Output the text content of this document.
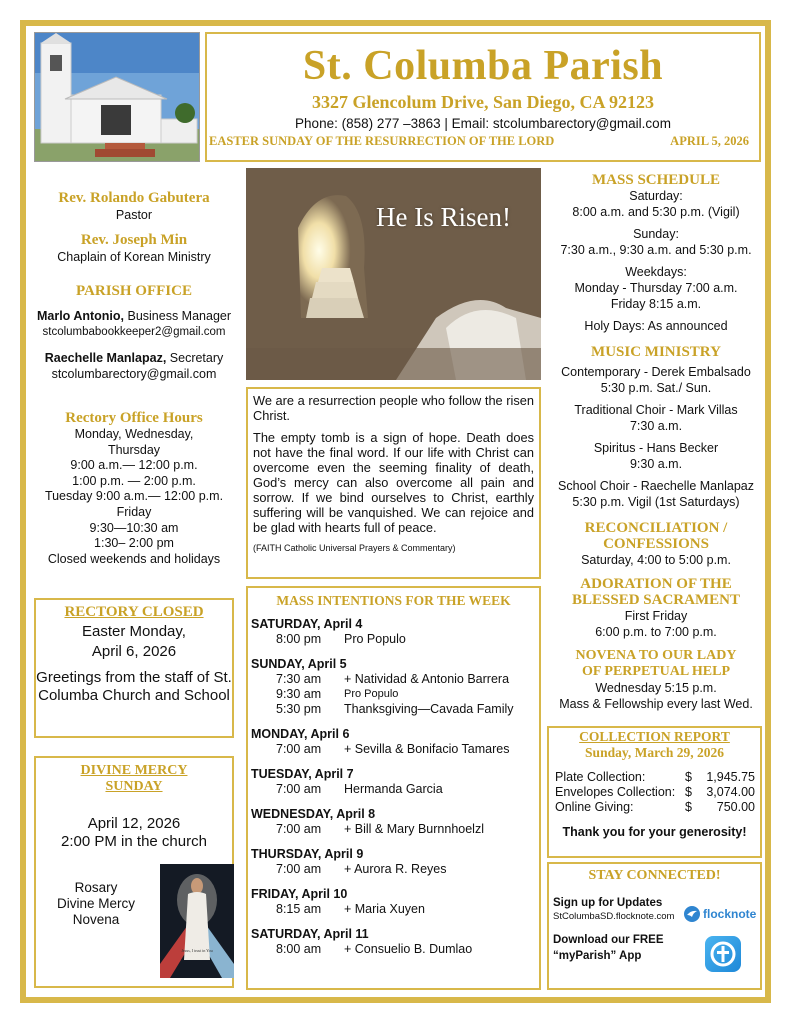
St. Columba Parish
3327 Glencolum Drive, San Diego, CA 92123
Phone: (858) 277 –3863 | Email: stcolumbarectory@gmail.com
EASTER SUNDAY OF THE RESURRECTION OF THE LORD	APRIL 5, 2026
Rev. Rolando Gabutera
Pastor
Rev. Joseph Min
Chaplain of Korean Ministry
PARISH OFFICE
Marlo Antonio, Business Manager
stcolumbabookkeeper2@gmail.com
Raechelle Manlapaz, Secretary
stcolumbarectory@gmail.com
Rectory Office Hours

Monday, Wednesday,

Thursday

9:00 a.m.— 12:00 p.m.

1:00 p.m. — 2:00 p.m.

Tuesday 9:00 a.m.— 12:00 p.m.

Friday

9:30—10:30 am

1:30– 2:00 pm

Closed weekends and holidays

RECTORY CLOSED
Easter Monday,
April 6, 2026
Greetings from the staff of St. Columba Church and School
DIVINE MERCY
SUNDAY
April 12, 2026
2:00 PM in the church
Rosary
Divine Mercy
Novena
Jesus, I trust in You
He Is Risen!

We are a resurrection people who follow the risen Christ.

The empty tomb is a sign of hope. Death does not have the final word. If our life with Christ can overcome even the seeming finality of death, God’s mercy can also overcome all pain and sorrow. If we bind ourselves to Christ, earthly suffering will be vanquished. We can rejoice and be glad with hearts full of peace.

(FAITH Catholic Universal Prayers & Commentary)

MASS INTENTIONS FOR THE WEEK
SATURDAY, April 4
8:00 pm	Pro Populo
SUNDAY, April 5
7:30 am	+ Natividad & Antonio Barrera
9:30 am	Pro Populo
5:30 pm	Thanksgiving—Cavada Family
MONDAY, April 6
7:00 am	+ Sevilla & Bonifacio Tamares
TUESDAY, April 7
7:00 am	Hermanda Garcia
WEDNESDAY, April 8
7:00 am	+ Bill & Mary Burnnhoelzl
THURSDAY, April 9
7:00 am	+ Aurora R. Reyes
FRIDAY, April 10
8:15 am	+ Maria Xuyen
SATURDAY, April 11
8:00 am	+ Consuelio B. Dumlao
MASS SCHEDULE

Saturday:

8:00 a.m. and 5:30 p.m. (Vigil)

Sunday:

7:30 a.m., 9:30 a.m. and 5:30 p.m.

Weekdays:

Monday - Thursday 7:00 a.m.

Friday 8:15 a.m.

Holy Days: As announced

MUSIC MINISTRY

Contemporary - Derek Embalsado

5:30 p.m. Sat./ Sun.

Traditional Choir - Mark Villas

7:30 a.m.

Spiritus - Hans Becker

9:30 a.m.

School Choir - Raechelle Manlapaz

5:30 p.m. Vigil (1st Saturdays)

RECONCILIATION /
CONFESSIONS

Saturday, 4:00 to 5:00 p.m.

ADORATION OF THE
BLESSED SACRAMENT

First Friday

6:00 p.m. to 7:00 p.m.

NOVENA TO OUR LADY
OF PERPETUAL HELP

Wednesday 5:15 p.m.

Mass & Fellowship every last Wed.

COLLECTION REPORT
Sunday, March 29, 2026
Plate Collection:	$	1,945.75
Envelopes Collection: $	3,074.00
Online Giving:	$	750.00
Thank you for your generosity!
STAY CONNECTED!
Sign up for Updates
StColumbaSD.flocknote.com flocknote
Download our FREE
“myParish” App
